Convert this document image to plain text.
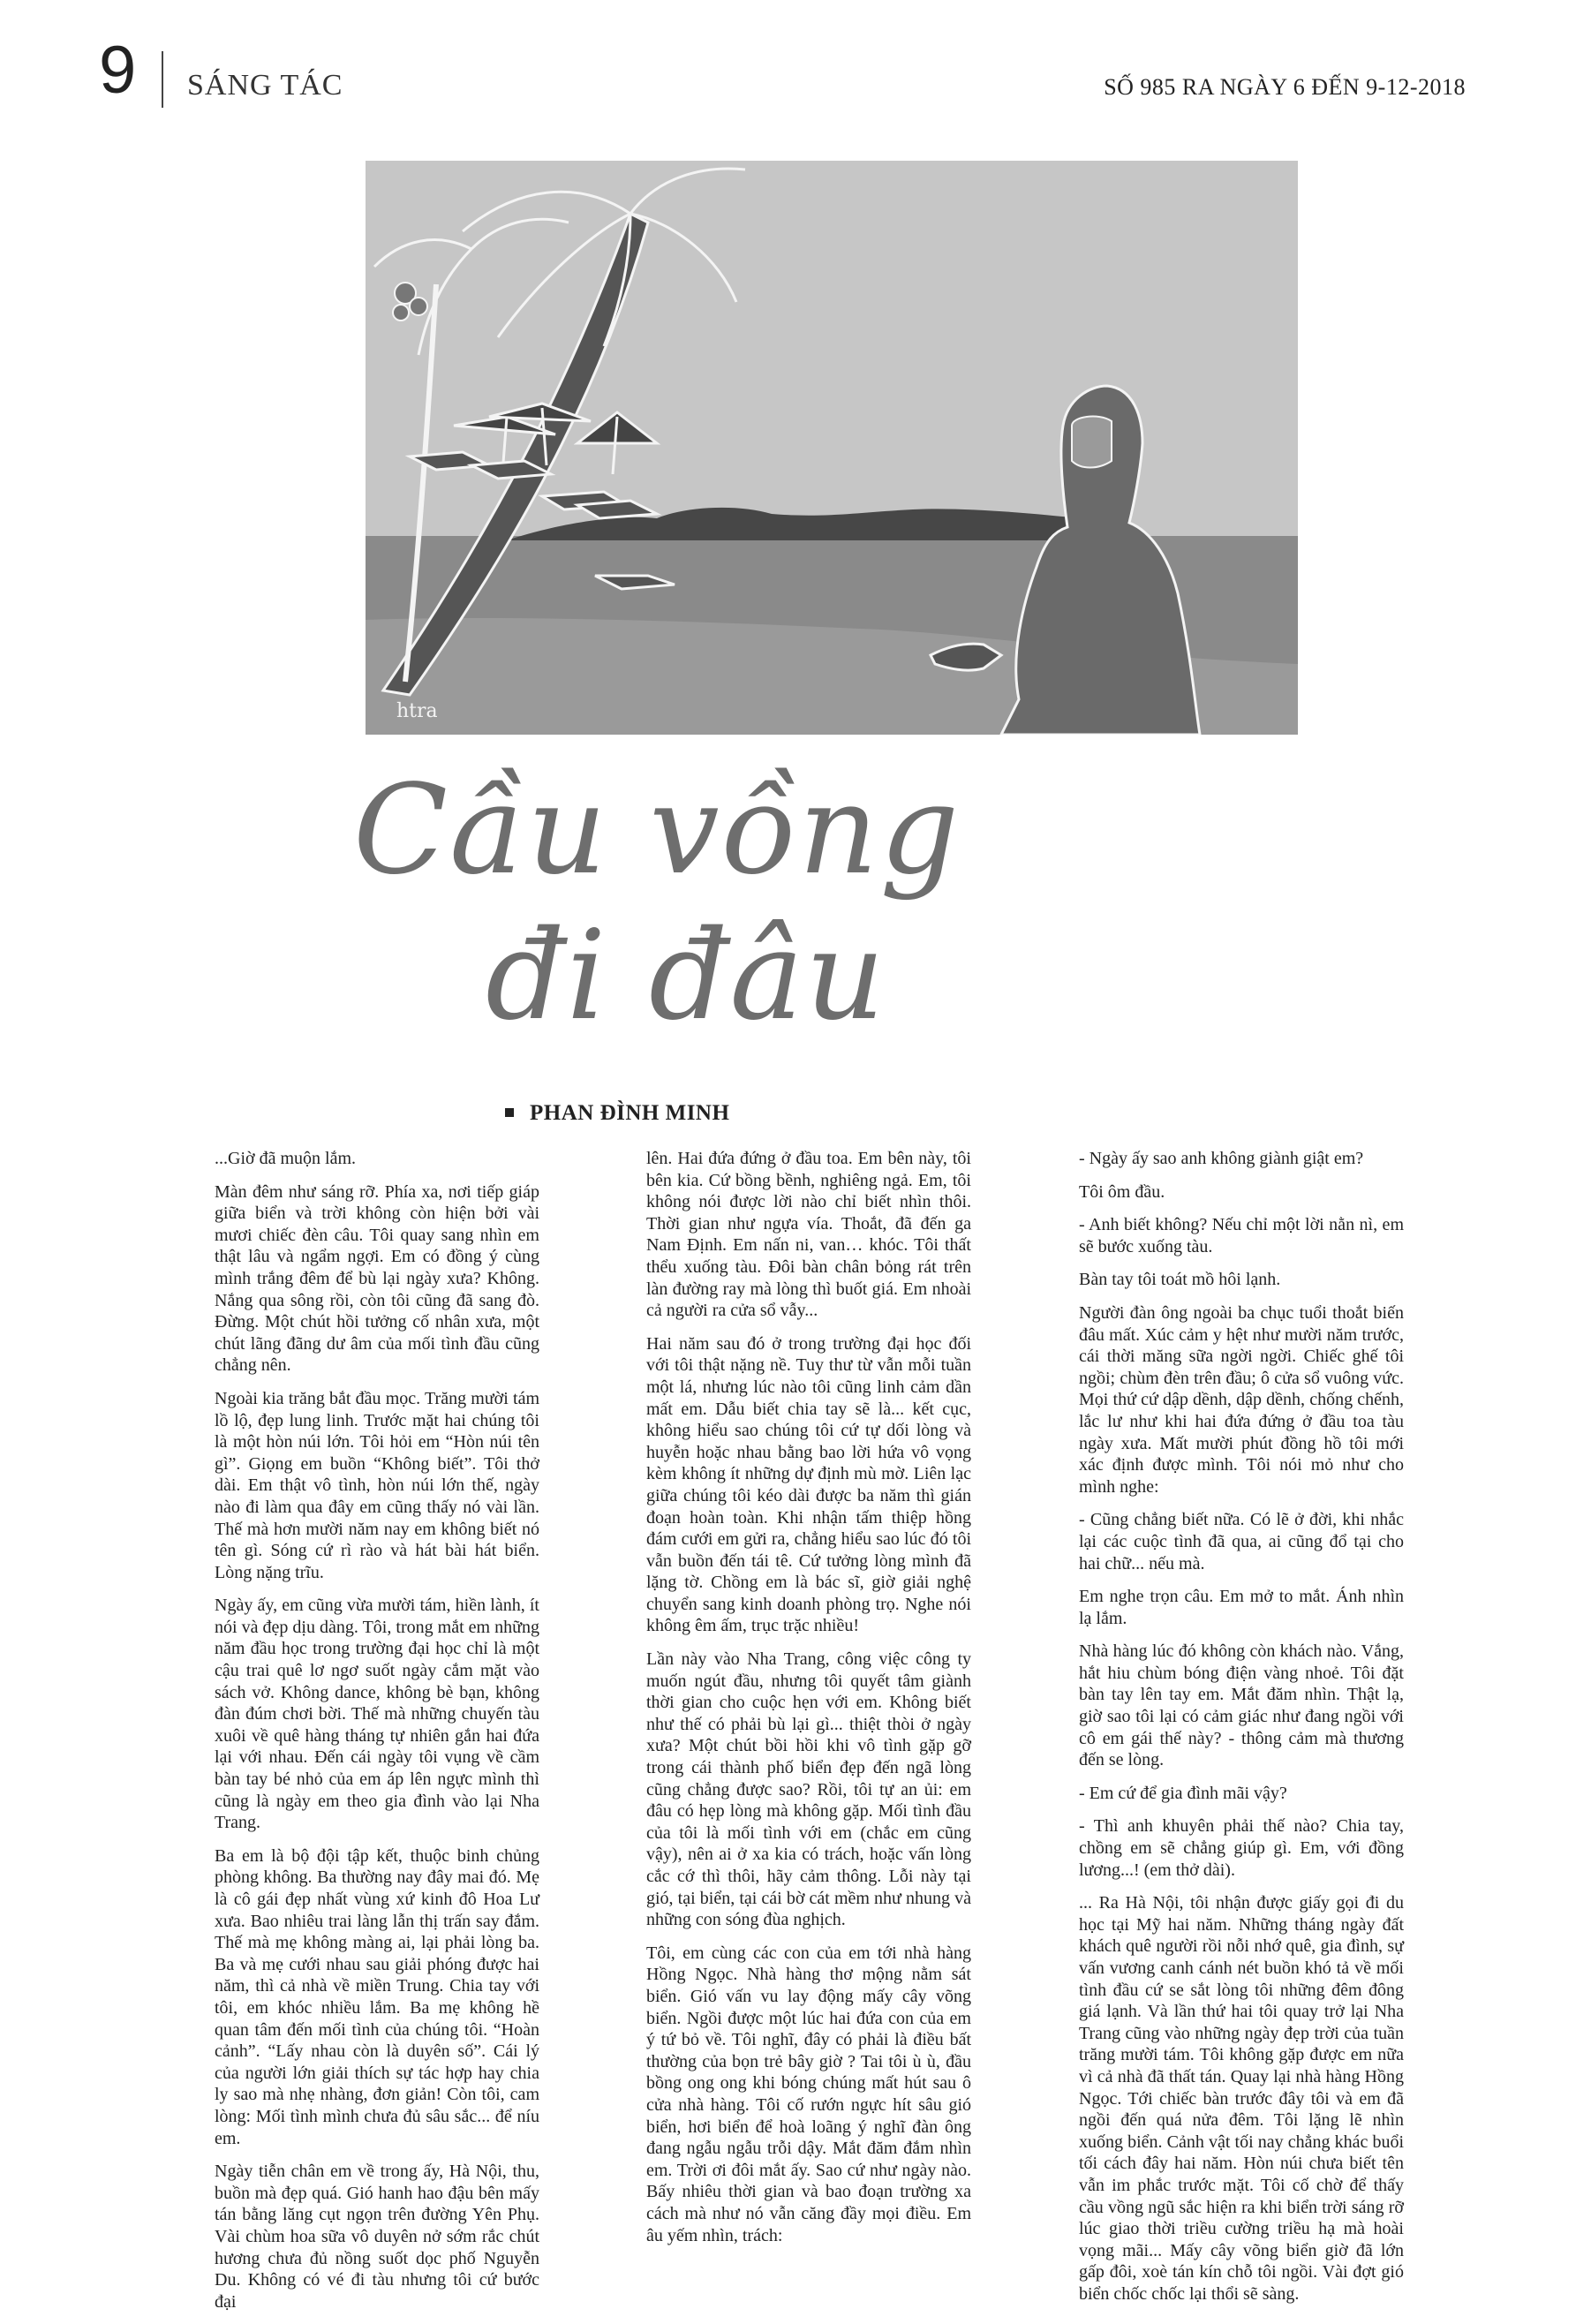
9 SÁNG TÁC	SỐ 985 RA NGÀY 6 ĐẾN 9-12-2018
htra
Cầu vồng
đi đâu
PHAN ĐÌNH MINH

...Giờ đã muộn lắm.

Màn đêm như sáng rỡ. Phía xa, nơi tiếp giáp giữa biển và trời không còn hiện bởi vài mươi chiếc đèn câu. Tôi quay sang nhìn em thật lâu và ngẩm ngợi. Em có đồng ý cùng mình trắng đêm để bù lại ngày xưa? Không. Nắng qua sông rồi, còn tôi cũng đã sang đò. Đừng. Một chút hồi tưởng cố nhân xưa, một chút lãng đãng dư âm của mối tình đầu cũng chẳng nên.

Ngoài kia trăng bắt đầu mọc. Trăng mười tám lồ lộ, đẹp lung linh. Trước mặt hai chúng tôi là một hòn núi lớn. Tôi hỏi em “Hòn núi tên gì”. Giọng em buồn “Không biết”. Tôi thở dài. Em thật vô tình, hòn núi lớn thế, ngày nào đi làm qua đây em cũng thấy nó vài lần. Thế mà hơn mười năm nay em không biết nó tên gì. Sóng cứ rì rào và hát bài hát biển. Lòng nặng trĩu.

Ngày ấy, em cũng vừa mười tám, hiền lành, ít nói và đẹp dịu dàng. Tôi, trong mắt em những năm đầu học trong trường đại học chỉ là một cậu trai quê lơ ngơ suốt ngày cắm mặt vào sách vở. Không dance, không bè bạn, không đàn đúm chơi bời. Thế mà những chuyến tàu xuôi về quê hàng tháng tự nhiên gắn hai đứa lại với nhau. Đến cái ngày tôi vụng về cầm bàn tay bé nhỏ của em áp lên ngực mình thì cũng là ngày em theo gia đình vào lại Nha Trang.

Ba em là bộ đội tập kết, thuộc binh chủng phòng không. Ba thường nay đây mai đó. Mẹ là cô gái đẹp nhất vùng xứ kinh đô Hoa Lư xưa. Bao nhiêu trai làng lẫn thị trấn say đắm. Thế mà mẹ không màng ai, lại phải lòng ba. Ba và mẹ cưới nhau sau giải phóng được hai năm, thì cả nhà về miền Trung. Chia tay với tôi, em khóc nhiều lắm. Ba mẹ không hề quan tâm đến mối tình của chúng tôi. “Hoàn cảnh”. “Lấy nhau còn là duyên số”. Cái lý của người lớn giải thích sự tác hợp hay chia ly sao mà nhẹ nhàng, đơn giản! Còn tôi, cam lòng: Mối tình mình chưa đủ sâu sắc... để níu em.

Ngày tiễn chân em về trong ấy, Hà Nội, thu, buồn mà đẹp quá. Gió hanh hao đậu bên mấy tán bằng lăng cụt ngọn trên đường Yên Phụ. Vài chùm hoa sữa vô duyên nở sớm rắc chút hương chưa đủ nồng suốt dọc phố Nguyễn Du. Không có vé đi tàu nhưng tôi cứ bước đại

lên. Hai đứa đứng ở đầu toa. Em bên này, tôi bên kia. Cứ bồng bềnh, nghiêng ngả. Em, tôi không nói được lời nào chỉ biết nhìn thôi. Thời gian như ngựa vía. Thoắt, đã đến ga Nam Định. Em nấn ni, van… khóc. Tôi thất thểu xuống tàu. Đôi bàn chân bỏng rát trên làn đường ray mà lòng thì buốt giá. Em nhoài cả người ra cửa sổ vẫy...

Hai năm sau đó ở trong trường đại học đối với tôi thật nặng nề. Tuy thư từ vẫn mỗi tuần một lá, nhưng lúc nào tôi cũng linh cảm dần mất em. Dẫu biết chia tay sẽ là... kết cục, không hiểu sao chúng tôi cứ tự dối lòng và huyễn hoặc nhau bằng bao lời hứa vô vọng kèm không ít những dự định mù mờ. Liên lạc giữa chúng tôi kéo dài được ba năm thì gián đoạn hoàn toàn. Khi nhận tấm thiệp hồng đám cưới em gửi ra, chẳng hiểu sao lúc đó tôi vẫn buồn đến tái tê. Cứ tưởng lòng mình đã lặng tờ. Chồng em là bác sĩ, giờ giải nghệ chuyển sang kinh doanh phòng trọ. Nghe nói không êm ấm, trục trặc nhiều!

Lần này vào Nha Trang, công việc công ty muốn ngút đầu, nhưng tôi quyết tâm giành thời gian cho cuộc hẹn với em. Không biết như thế có phải bù lại gì... thiệt thòi ở ngày xưa? Một chút bồi hồi khi vô tình gặp gỡ trong cái thành phố biển đẹp đến ngã lòng cũng chẳng được sao? Rồi, tôi tự an ủi: em đâu có hẹp lòng mà không gặp. Mối tình đầu của tôi là mối tình với em (chắc em cũng vậy), nên ai ở xa kia có trách, hoặc vấn lòng cắc cớ thì thôi, hãy cảm thông. Lỗi này tại gió, tại biển, tại cái bờ cát mềm như nhung và những con sóng đùa nghịch.

Tôi, em cùng các con của em tới nhà hàng Hồng Ngọc. Nhà hàng thơ mộng nằm sát biển. Gió vấn vu lay động mấy cây võng biển. Ngồi được một lúc hai đứa con của em ý tứ bỏ về. Tôi nghĩ, đây có phải là điều bất thường của bọn trẻ bây giờ ? Tai tôi ù ù, đầu bồng ong ong khi bóng chúng mất hút sau ô cửa nhà hàng. Tôi cố rướn ngực hít sâu gió biển, hơi biển để hoà loãng ý nghĩ đàn ông đang ngẫu ngẫu trỗi dậy. Mắt đăm đắm nhìn em. Trời ơi đôi mắt ấy. Sao cứ như ngày nào. Bấy nhiêu thời gian và bao đoạn trường xa cách mà như nó vẫn căng đầy mọi điều. Em âu yếm nhìn, trách:

- Ngày ấy sao anh không giành giật em?

Tôi ôm đầu.

- Anh biết không? Nếu chỉ một lời nằn nì, em sẽ bước xuống tàu.

Bàn tay tôi toát mồ hôi lạnh.

Người đàn ông ngoài ba chục tuổi thoắt biến đâu mất. Xúc cảm y hệt như mười năm trước, cái thời măng sữa ngời ngời. Chiếc ghế tôi ngồi; chùm đèn trên đầu; ô cửa sổ vuông vức. Mọi thứ cứ dập dềnh, dập dềnh, chống chếnh, lắc lư như khi hai đứa đứng ở đầu toa tàu ngày xưa. Mất mười phút đồng hồ tôi mới xác định được mình. Tôi nói mỏ như cho mình nghe:

- Cũng chẳng biết nữa. Có lẽ ở đời, khi nhắc lại các cuộc tình đã qua, ai cũng đổ tại cho hai chữ... nếu mà.

Em nghe trọn câu. Em mở to mắt. Ánh nhìn lạ lắm.

Nhà hàng lúc đó không còn khách nào. Vắng, hắt hiu chùm bóng điện vàng nhoẻ. Tôi đặt bàn tay lên tay em. Mắt đăm nhìn. Thật lạ, giờ sao tôi lại có cảm giác như đang ngồi với cô em gái thế này? - thông cảm mà thương đến se lòng.

- Em cứ để gia đình mãi vậy?

- Thì anh khuyên phải thế nào? Chia tay, chồng em sẽ chẳng giúp gì. Em, với đồng lương...! (em thở dài).

... Ra Hà Nội, tôi nhận được giấy gọi đi du học tại Mỹ hai năm. Những tháng ngày đất khách quê người rồi nỗi nhớ quê, gia đình, sự vấn vương canh cánh nét buồn khó tả về mối tình đầu cứ se sắt lòng tôi những đêm đông giá lạnh. Và lần thứ hai tôi quay trở lại Nha Trang cũng vào những ngày đẹp trời của tuần trăng mười tám. Tôi không gặp được em nữa vì cả nhà đã thất tán. Quay lại nhà hàng Hồng Ngọc. Tới chiếc bàn trước đây tôi và em đã ngồi đến quá nửa đêm. Tôi lặng lẽ nhìn xuống biển. Cảnh vật tối nay chẳng khác buổi tối cách đây hai năm. Hòn núi chưa biết tên vẫn im phắc trước mặt. Tôi cố chờ để thấy cầu vồng ngũ sắc hiện ra khi biển trời sáng rỡ lúc giao thời triều cường triều hạ mà hoài vọng mãi... Mấy cây võng biển giờ đã lớn gấp đôi, xoè tán kín chỗ tôi ngồi. Vài đợt gió biển chốc chốc lại thổi sẽ sàng.
